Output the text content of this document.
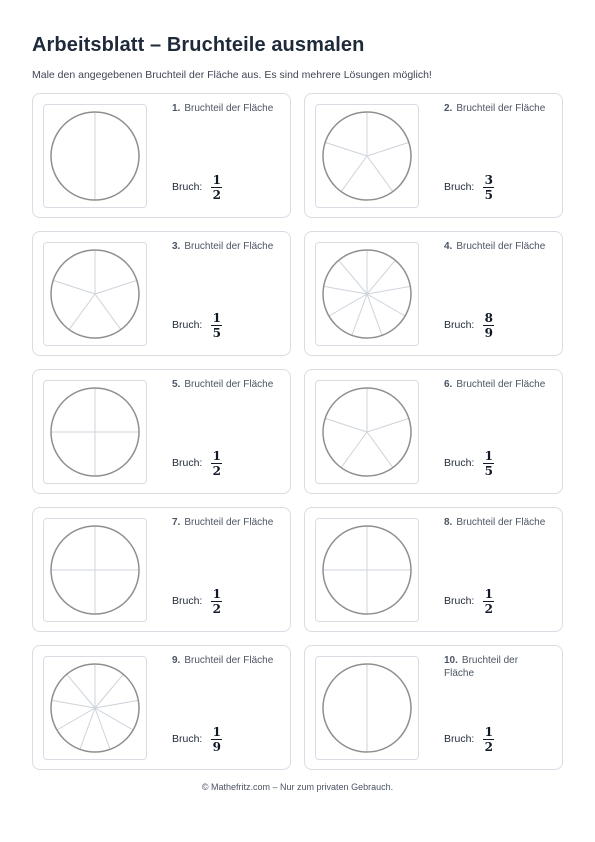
Arbeitsblatt – Bruchteile ausmalen

Male den angegebenen Bruchteil der Fläche aus. Es sind mehrere Lösungen möglich!

1. Bruchteil der Fläche
Bruch: $\frac{1}{2}$
2. Bruchteil der Fläche
Bruch: $\frac{3}{5}$
3. Bruchteil der Fläche
Bruch: $\frac{1}{5}$
4. Bruchteil der Fläche
Bruch: $\frac{8}{9}$
5. Bruchteil der Fläche
Bruch: $\frac{1}{2}$
6. Bruchteil der Fläche
Bruch: $\frac{1}{5}$
7. Bruchteil der Fläche
Bruch: $\frac{1}{2}$
8. Bruchteil der Fläche
Bruch: $\frac{1}{2}$
9. Bruchteil der Fläche
Bruch: $\frac{1}{9}$
10. Bruchteil der Fläche
Bruch: $\frac{1}{2}$

© Mathefritz.com – Nur zum privaten Gebrauch.
